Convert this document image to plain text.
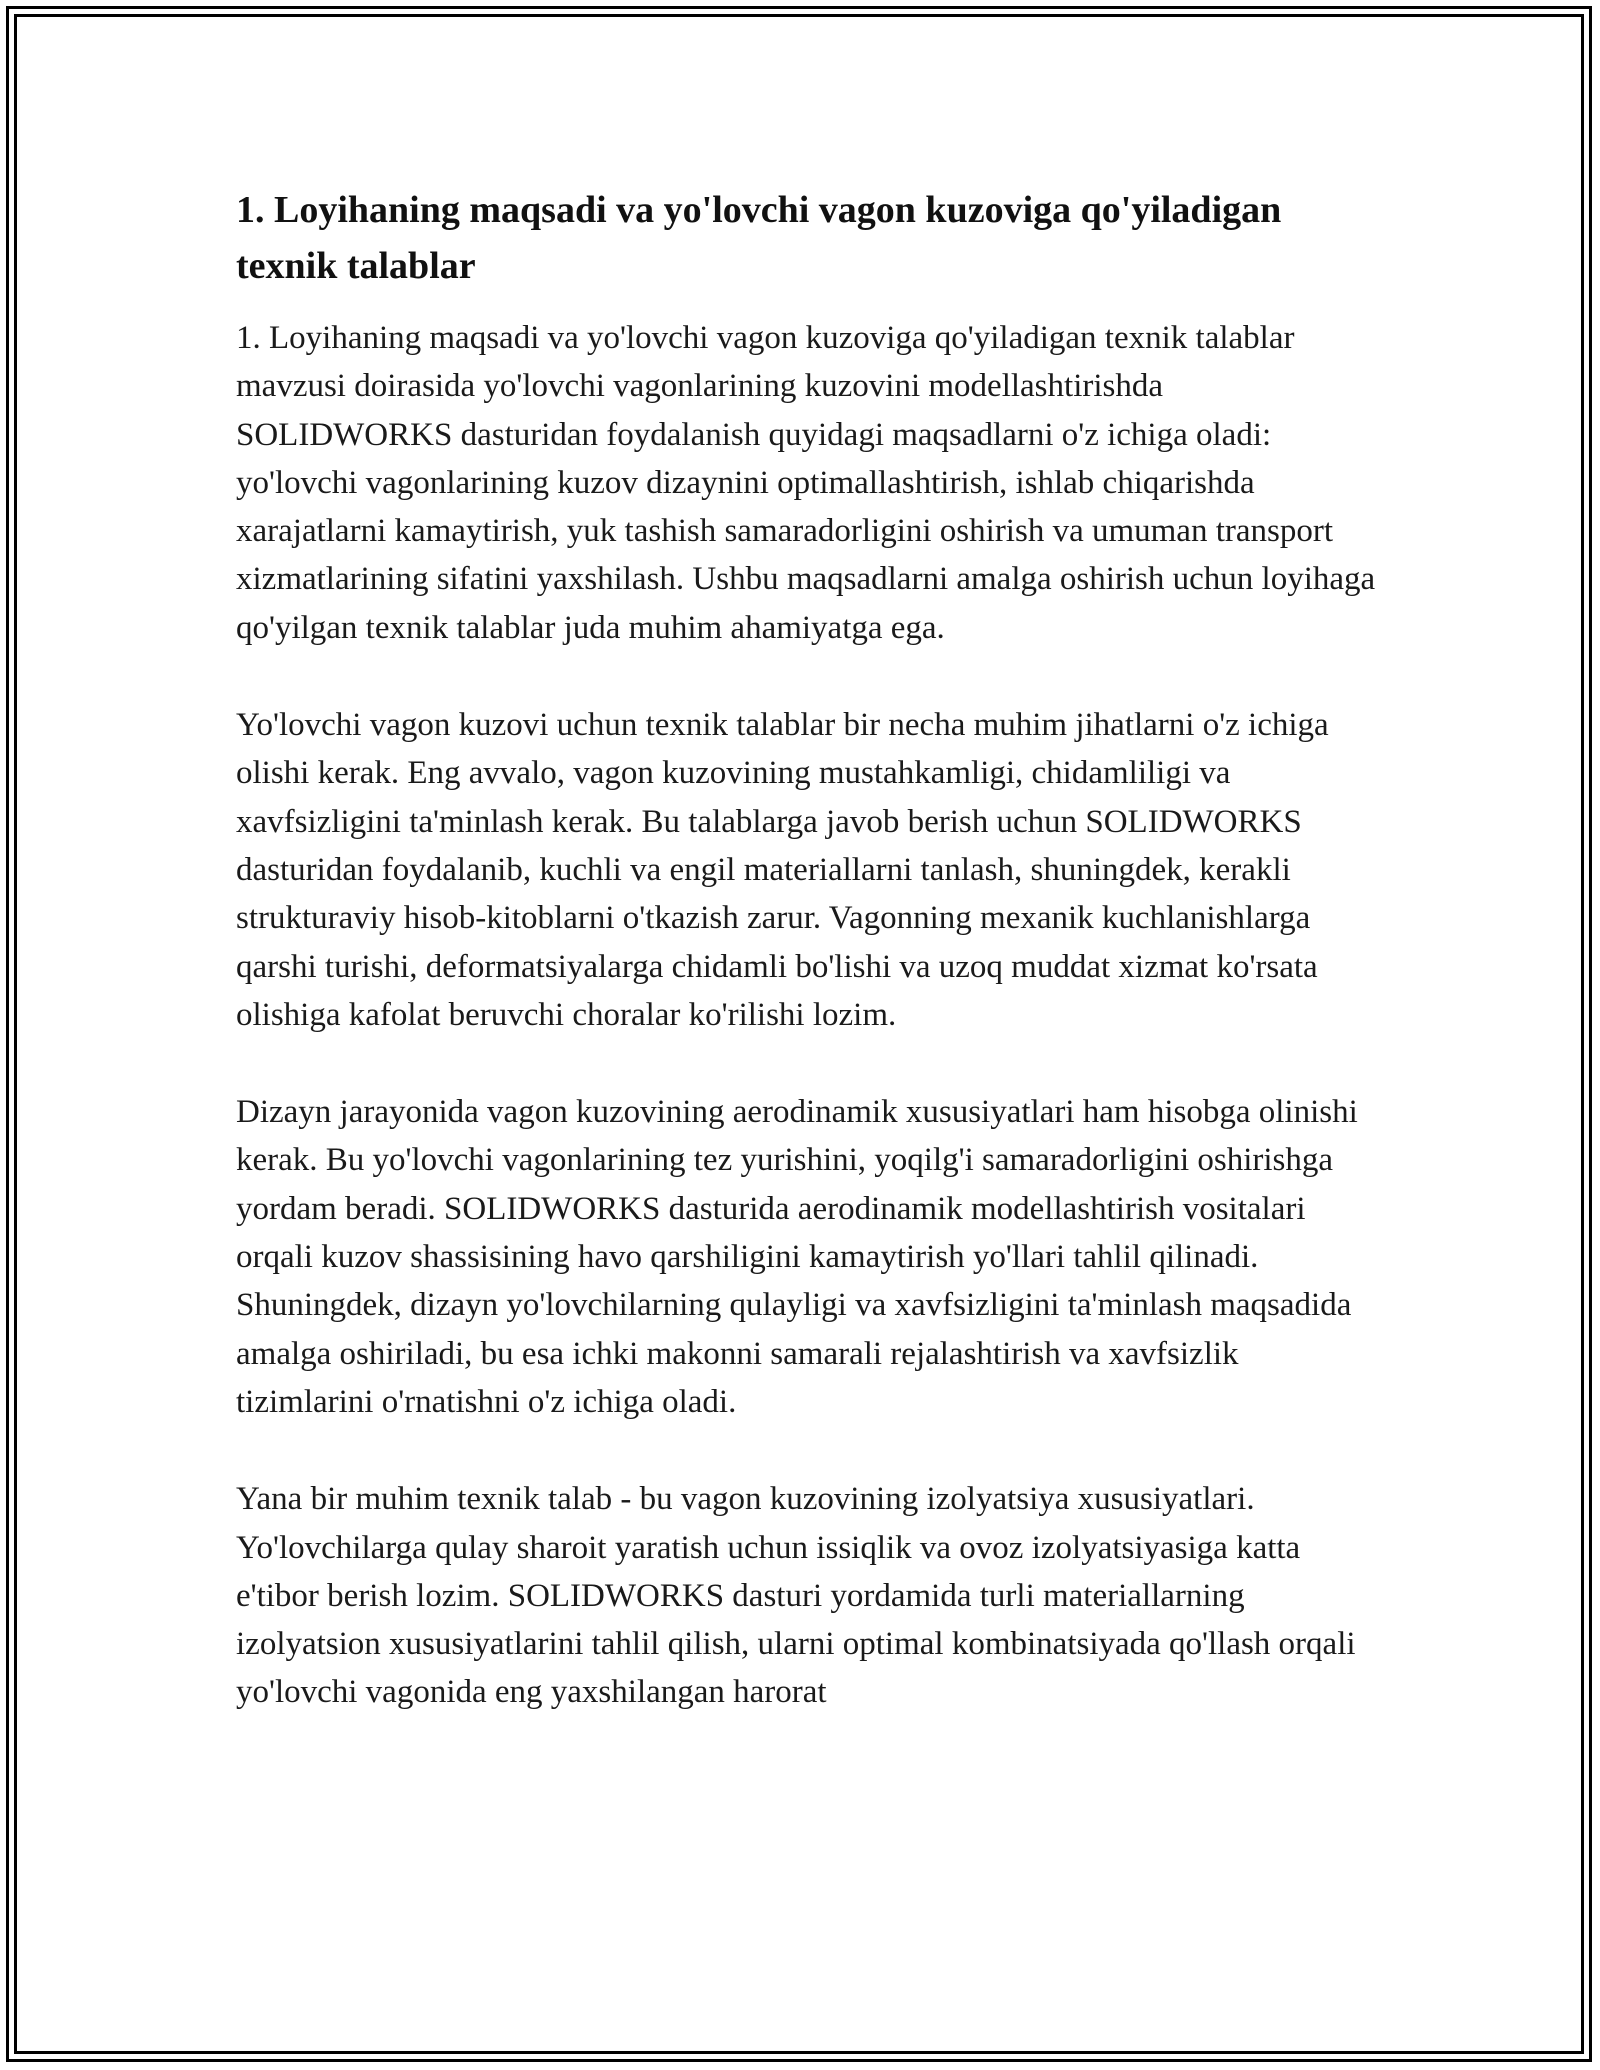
1. Loyihaning maqsadi va yo'lovchi vagon kuzoviga qo'yiladigan texnik talablar

1. Loyihaning maqsadi va yo'lovchi vagon kuzoviga qo'yiladigan texnik talablar mavzusi doirasida yo'lovchi vagonlarining kuzovini modellashtirishda SOLIDWORKS dasturidan foydalanish quyidagi maqsadlarni o'z ichiga oladi: yo'lovchi vagonlarining kuzov dizaynini optimallashtirish, ishlab chiqarishda xarajatlarni kamaytirish, yuk tashish samaradorligini oshirish va umuman transport xizmatlarining sifatini yaxshilash. Ushbu maqsadlarni amalga oshirish uchun loyihaga qo'yilgan texnik talablar juda muhim ahamiyatga ega.

Yo'lovchi vagon kuzovi uchun texnik talablar bir necha muhim jihatlarni o'z ichiga olishi kerak. Eng avvalo, vagon kuzovining mustahkamligi, chidamliligi va xavfsizligini ta'minlash kerak. Bu talablarga javob berish uchun SOLIDWORKS dasturidan foydalanib, kuchli va engil materiallarni tanlash, shuningdek, kerakli strukturaviy hisob-kitoblarni o'tkazish zarur. Vagonning mexanik kuchlanishlarga qarshi turishi, deformatsiyalarga chidamli bo'lishi va uzoq muddat xizmat ko'rsata olishiga kafolat beruvchi choralar ko'rilishi lozim.

Dizayn jarayonida vagon kuzovining aerodinamik xususiyatlari ham hisobga olinishi kerak. Bu yo'lovchi vagonlarining tez yurishini, yoqilg'i samaradorligini oshirishga yordam beradi. SOLIDWORKS dasturida aerodinamik modellashtirish vositalari orqali kuzov shassisining havo qarshiligini kamaytirish yo'llari tahlil qilinadi. Shuningdek, dizayn yo'lovchilarning qulayligi va xavfsizligini ta'minlash maqsadida amalga oshiriladi, bu esa ichki makonni samarali rejalashtirish va xavfsizlik tizimlarini o'rnatishni o'z ichiga oladi.

Yana bir muhim texnik talab - bu vagon kuzovining izolyatsiya xususiyatlari. Yo'lovchilarga qulay sharoit yaratish uchun issiqlik va ovoz izolyatsiyasiga katta e'tibor berish lozim. SOLIDWORKS dasturi yordamida turli materiallarning izolyatsion xususiyatlarini tahlil qilish, ularni optimal kombinatsiyada qo'llash orqali yo'lovchi vagonida eng yaxshilangan harorat
